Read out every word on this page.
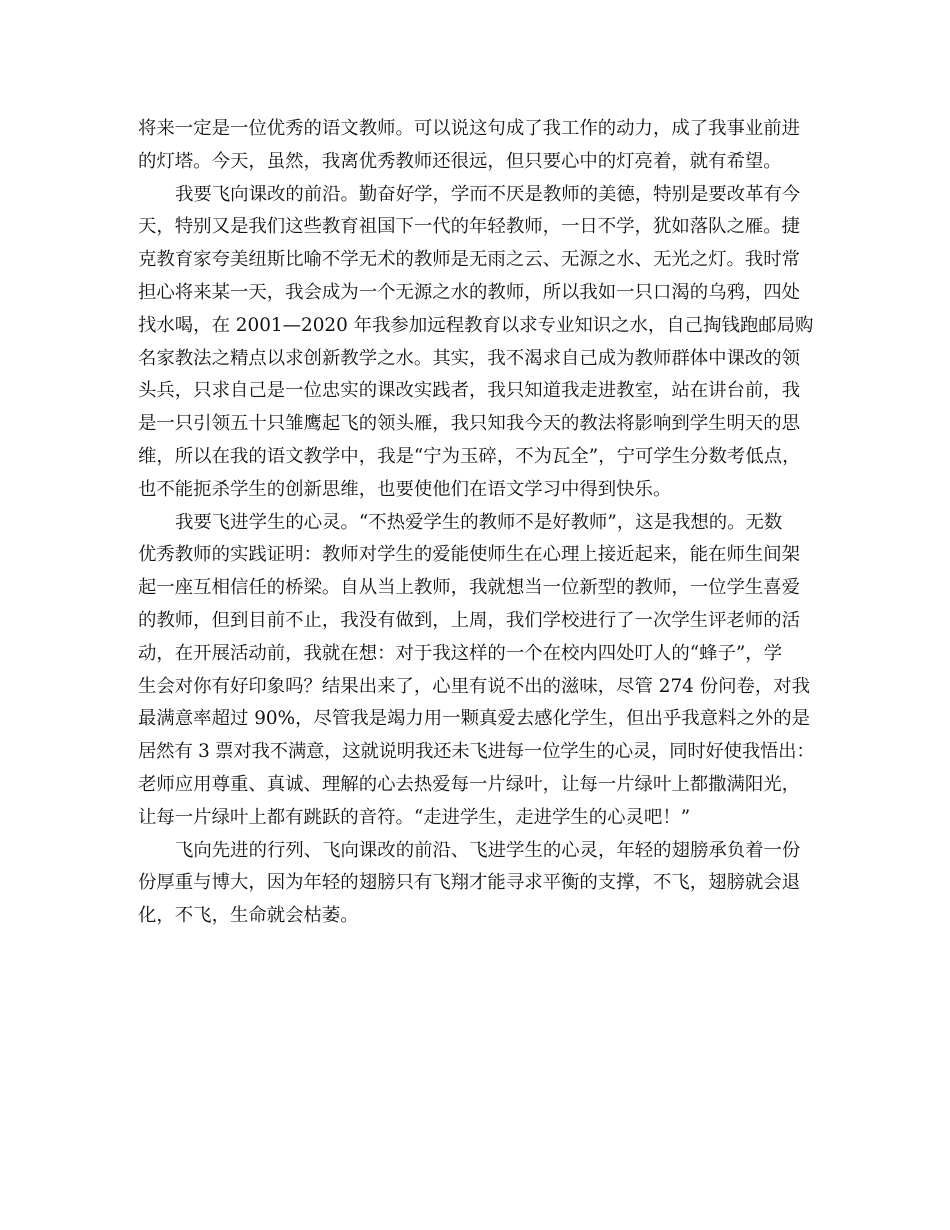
将来一定是一位优秀的语文教师。可以说这句成了我工作的动力，成了我事业前进
的灯塔。今天，虽然，我离优秀教师还很远，但只要心中的灯亮着，就有希望。
我要飞向课改的前沿。勤奋好学，学而不厌是教师的美德，特别是要改革有今
天，特别又是我们这些教育祖国下一代的年轻教师，一日不学，犹如落队之雁。捷
克教育家夸美纽斯比喻不学无术的教师是无雨之云、无源之水、无光之灯。我时常
担心将来某一天，我会成为一个无源之水的教师，所以我如一只口渴的乌鸦，四处
找水喝，在 2001—2020 年我参加远程教育以求专业知识之水，自己掏钱跑邮局购
名家教法之精点以求创新教学之水。其实，我不渴求自己成为教师群体中课改的领
头兵，只求自己是一位忠实的课改实践者，我只知道我走进教室，站在讲台前，我
是一只引领五十只雏鹰起飞的领头雁，我只知我今天的教法将影响到学生明天的思
维，所以在我的语文教学中，我是“宁为玉碎，不为瓦全”，宁可学生分数考低点，
也不能扼杀学生的创新思维，也要使他们在语文学习中得到快乐。
我要飞进学生的心灵。“不热爱学生的教师不是好教师”，这是我想的。无数
优秀教师的实践证明：教师对学生的爱能使师生在心理上接近起来，能在师生间架
起一座互相信任的桥梁。自从当上教师，我就想当一位新型的教师，一位学生喜爱
的教师，但到目前不止，我没有做到，上周，我们学校进行了一次学生评老师的活
动，在开展活动前，我就在想：对于我这样的一个在校内四处叮人的“蜂子”，学
生会对你有好印象吗？结果出来了，心里有说不出的滋味，尽管 274 份问卷，对我
最满意率超过 90%，尽管我是竭力用一颗真爱去感化学生，但出乎我意料之外的是
居然有 3 票对我不满意，这就说明我还未飞进每一位学生的心灵，同时好使我悟出：
老师应用尊重、真诚、理解的心去热爱每一片绿叶，让每一片绿叶上都撒满阳光，
让每一片绿叶上都有跳跃的音符。“走进学生，走进学生的心灵吧！”
飞向先进的行列、飞向课改的前沿、飞进学生的心灵，年轻的翅膀承负着一份
份厚重与博大，因为年轻的翅膀只有飞翔才能寻求平衡的支撑，不飞，翅膀就会退
化，不飞，生命就会枯萎。
